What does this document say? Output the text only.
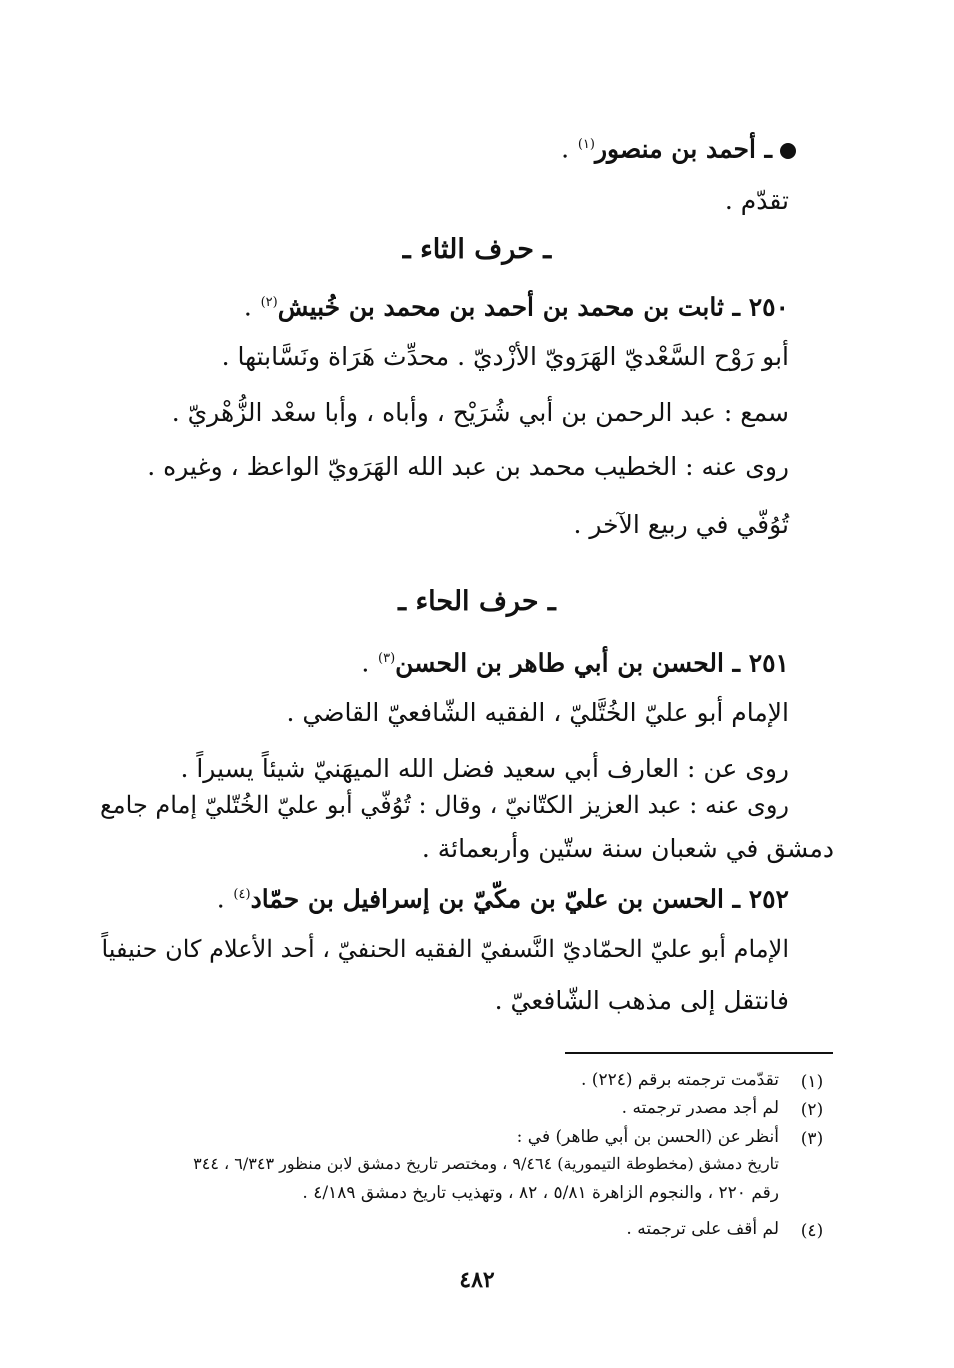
ـ أحمد بن منصور$^{(١)}$ .
تقدّم .
ـ حرف الثاء ـ
٢٥٠ ـ ثابت بن محمد بن أحمد بن محمد بن خُبيش$^{(٢)}$ .
أبو رَوْح السَّعْديّ الهَرَويّ الأزْديّ . محدِّث هَرَاة ونَسَّابتها .
سمع : عبد الرحمن بن أبي شُرَيْح ، وأباه ، وأبا سعْد الزُّهْريّ .
روى عنه : الخطيب محمد بن عبد الله الهَرَويّ الواعظ ، وغيره .
تُوُفّي في ربيع الآخر .
ـ حرف الحاء ـ
٢٥١ ـ الحسن بن أبي طاهر بن الحسن$^{(٣)}$ .
الإمام أبو عليّ الخُتَّليّ ، الفقيه الشّافعيّ القاضي .
روى عن : العارف أبي سعيد فضل الله الميهَنيّ شيئاً يسيراً .
روى عنه : عبد العزيز الكتّانيّ ، وقال : تُوُفّي أبو عليّ الخُتّليّ إمام جامع
دمشق في شعبان سنة ستّين وأربعمائة .
٢٥٢ ـ الحسن بن عليّ بن مكّيّ بن إسرافيل بن حمّاد$^{(٤)}$ .
الإمام أبو عليّ الحمّاديّ النَّسفيّ الفقيه الحنفيّ ، أحد الأعلام كان حنيفياً
فانتقل إلى مذهب الشّافعيّ .
(١)
تقدّمت ترجمته برقم (٢٢٤) .
(٢)
لم أجد مصدر ترجمته .
(٣)
أنظر عن (الحسن بن أبي طاهر) في :
تاريخ دمشق (مخطوطة التيمورية) ٩/٤٦٤ ، ومختصر تاريخ دمشق لابن منظور ٦/٣٤٣ ، ٣٤٤
رقم ٢٢٠ ، والنجوم الزاهرة ٥/٨١ ، ٨٢ ، وتهذيب تاريخ دمشق ٤/١٨٩ .
(٤)
لم أقف على ترجمته .
٤٨٢
